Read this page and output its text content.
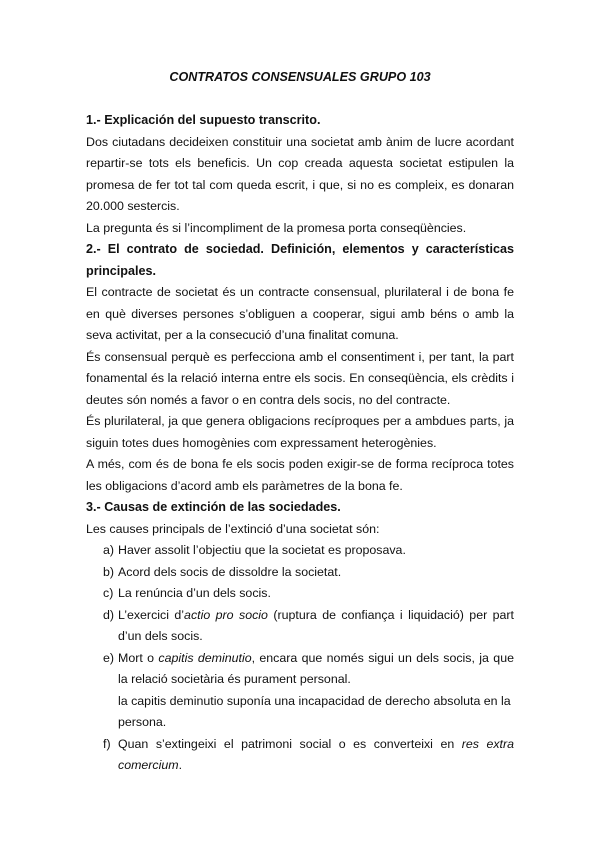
CONTRATOS CONSENSUALES GRUPO 103
1.- Explicación del supuesto transcrito.

Dos ciutadans decideixen constituir una societat amb ànim de lucre acordant repartir-se tots els beneficis. Un cop creada aquesta societat estipulen la promesa de fer tot tal com queda escrit, i que, si no es compleix, es donaran 20.000 sestercis.

La pregunta és si l’incompliment de la promesa porta conseqüències.

2.- El contrato de sociedad. Definición, elementos y características principales.

El contracte de societat és un contracte consensual, plurilateral i de bona fe en què diverses persones s’obliguen a cooperar, sigui amb béns o amb la seva activitat, per a la consecució d’una finalitat comuna.

És consensual perquè es perfecciona amb el consentiment i, per tant, la part fonamental és la relació interna entre els socis. En conseqüència, els crèdits i deutes són només a favor o en contra dels socis, no del contracte.

És plurilateral, ja que genera obligacions recíproques per a ambdues parts, ja siguin totes dues homogènies com expressament heterogènies.

A més, com és de bona fe els socis poden exigir-se de forma recíproca totes les obligacions d’acord amb els paràmetres de la bona fe.

3.- Causas de extinción de las sociedades.

Les causes principals de l’extinció d’una societat són:

a) Haver assolit l’objectiu que la societat es proposava.
b) Acord dels socis de dissoldre la societat.
c) La renúncia d’un dels socis.
d) L’exercici d’actio pro socio (ruptura de confiança i liquidació) per part d’un dels socis.
e) Mort o capitis deminutio, encara que només sigui un dels socis, ja que la relació societària és purament personal.

la capitis deminutio suponía una incapacidad de derecho absoluta en la persona.

f) Quan s’extingeixi el patrimoni social o es converteixi en res extra comercium.
